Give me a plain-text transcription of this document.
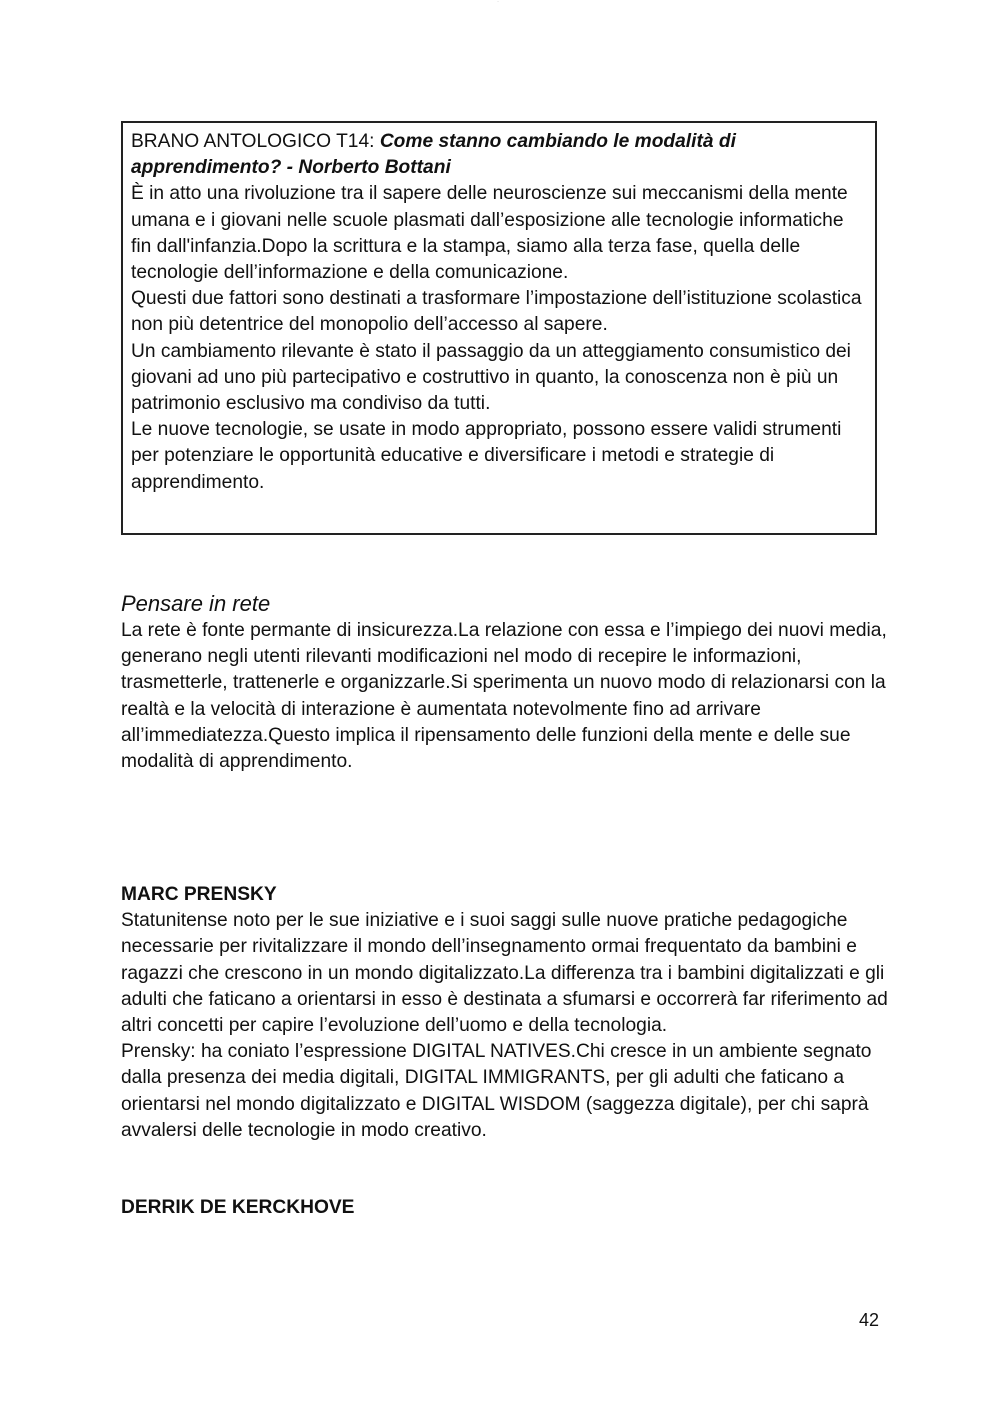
...

BRANO ANTOLOGICO T14: Come stanno cambiando le modalità di apprendimento? - Norberto Bottani

È in atto una rivoluzione tra il sapere delle neuroscienze sui meccanismi della mente umana e i giovani nelle scuole plasmati dall’esposizione alle tecnologie informatiche fin dall'infanzia.Dopo la scrittura e la stampa, siamo alla terza fase, quella delle tecnologie dell’informazione e della comunicazione.

Questi due fattori sono destinati a trasformare l’impostazione dell’istituzione scolastica non più detentrice del monopolio dell’accesso al sapere.

Un cambiamento rilevante è stato il passaggio da un atteggiamento consumistico dei giovani ad uno più partecipativo e costruttivo in quanto, la conoscenza non è più un patrimonio esclusivo ma condiviso da tutti.

Le nuove tecnologie, se usate in modo appropriato, possono essere validi strumenti per potenziare le opportunità educative e diversificare i metodi e strategie di apprendimento.

Pensare in rete

La rete è fonte permante di insicurezza.La relazione con essa e l’impiego dei nuovi media, generano negli utenti rilevanti modificazioni nel modo di recepire le informazioni, trasmetterle, trattenerle e organizzarle.Si sperimenta un nuovo modo di relazionarsi con la realtà e la velocità di interazione è aumentata notevolmente fino ad arrivare all’immediatezza.Questo implica il ripensamento delle funzioni della mente e delle sue modalità di apprendimento.

MARC PRENSKY

Statunitense noto per le sue iniziative e i suoi saggi sulle nuove pratiche pedagogiche necessarie per rivitalizzare il mondo dell’insegnamento ormai frequentato da bambini e ragazzi che crescono in un mondo digitalizzato.La differenza tra i bambini digitalizzati e gli adulti che faticano a orientarsi in esso è destinata a sfumarsi e occorrerà far riferimento ad altri concetti per capire l’evoluzione dell’uomo e della tecnologia.

Prensky: ha coniato l’espressione DIGITAL NATIVES.Chi cresce in un ambiente segnato dalla presenza dei media digitali, DIGITAL IMMIGRANTS, per gli adulti che faticano a orientarsi nel mondo digitalizzato e DIGITAL WISDOM (saggezza digitale), per chi saprà avvalersi delle tecnologie in modo creativo.

DERRIK DE KERCKHOVE

42
